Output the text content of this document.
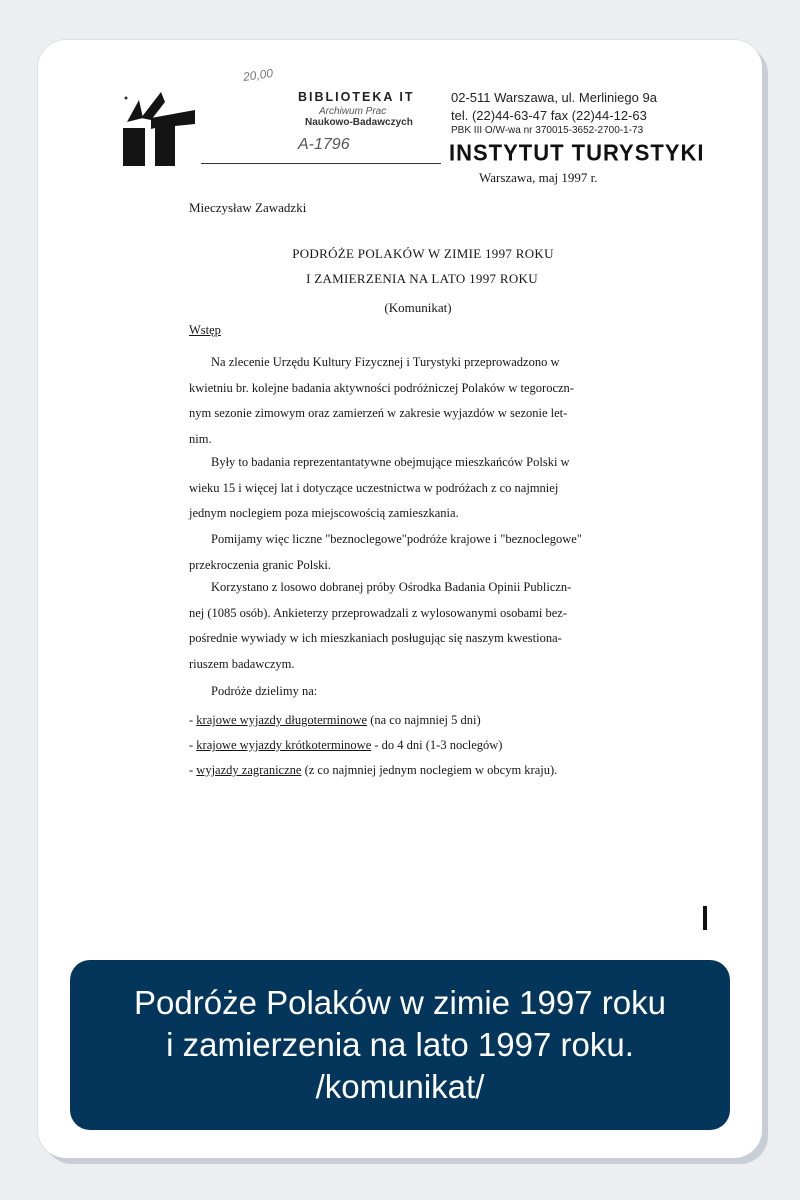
20,00
BIBLIOTEKA IT
Archiwum Prac
Naukowo-Badawczych
A-1796
02-511 Warszawa, ul. Merliniego 9a
tel. (22)44-63-47 fax (22)44-12-63
PBK III O/W-wa nr 370015-3652-2700-1-73
INSTYTUT TURYSTYKI
Warszawa, maj 1997 r.
Mieczysław Zawadzki
PODRÓŻE POLAKÓW W ZIMIE 1997 ROKU
I ZAMIERZENIA NA LATO 1997 ROKU
(Komunikat)
Wstęp
Na zlecenie Urzędu Kultury Fizycznej i Turystyki przeprowadzono w
kwietniu br. kolejne badania aktywności podróżniczej Polaków w tegoroczn-
nym sezonie zimowym oraz zamierzeń w zakresie wyjazdów w sezonie let-
nim.
Były to badania reprezentantatywne obejmujące mieszkańców Polski w
wieku 15 i więcej lat i dotyczące uczestnictwa w podróżach z co najmniej
jednym noclegiem poza miejscowością zamieszkania.
Pomijamy więc liczne "beznoclegowe"podróże krajowe i "beznoclegowe"
przekroczenia granic Polski.
Korzystano z losowo dobranej próby Ośrodka Badania Opinii Publiczn-
nej (1085 osób). Ankieterzy przeprowadzali z wylosowanymi osobami bez-
pośrednie wywiady w ich mieszkaniach posługując się naszym kwestiona-
riuszem badawczym.
Podróże dzielimy na:
- krajowe wyjazdy długoterminowe (na co najmniej 5 dni)
- krajowe wyjazdy krótkoterminowe - do 4 dni (1-3 noclegów)
- wyjazdy zagraniczne (z co najmniej jednym noclegiem w obcym kraju).
Podróże Polaków w zimie 1997 roku
i zamierzenia na lato 1997 roku.
/komunikat/
